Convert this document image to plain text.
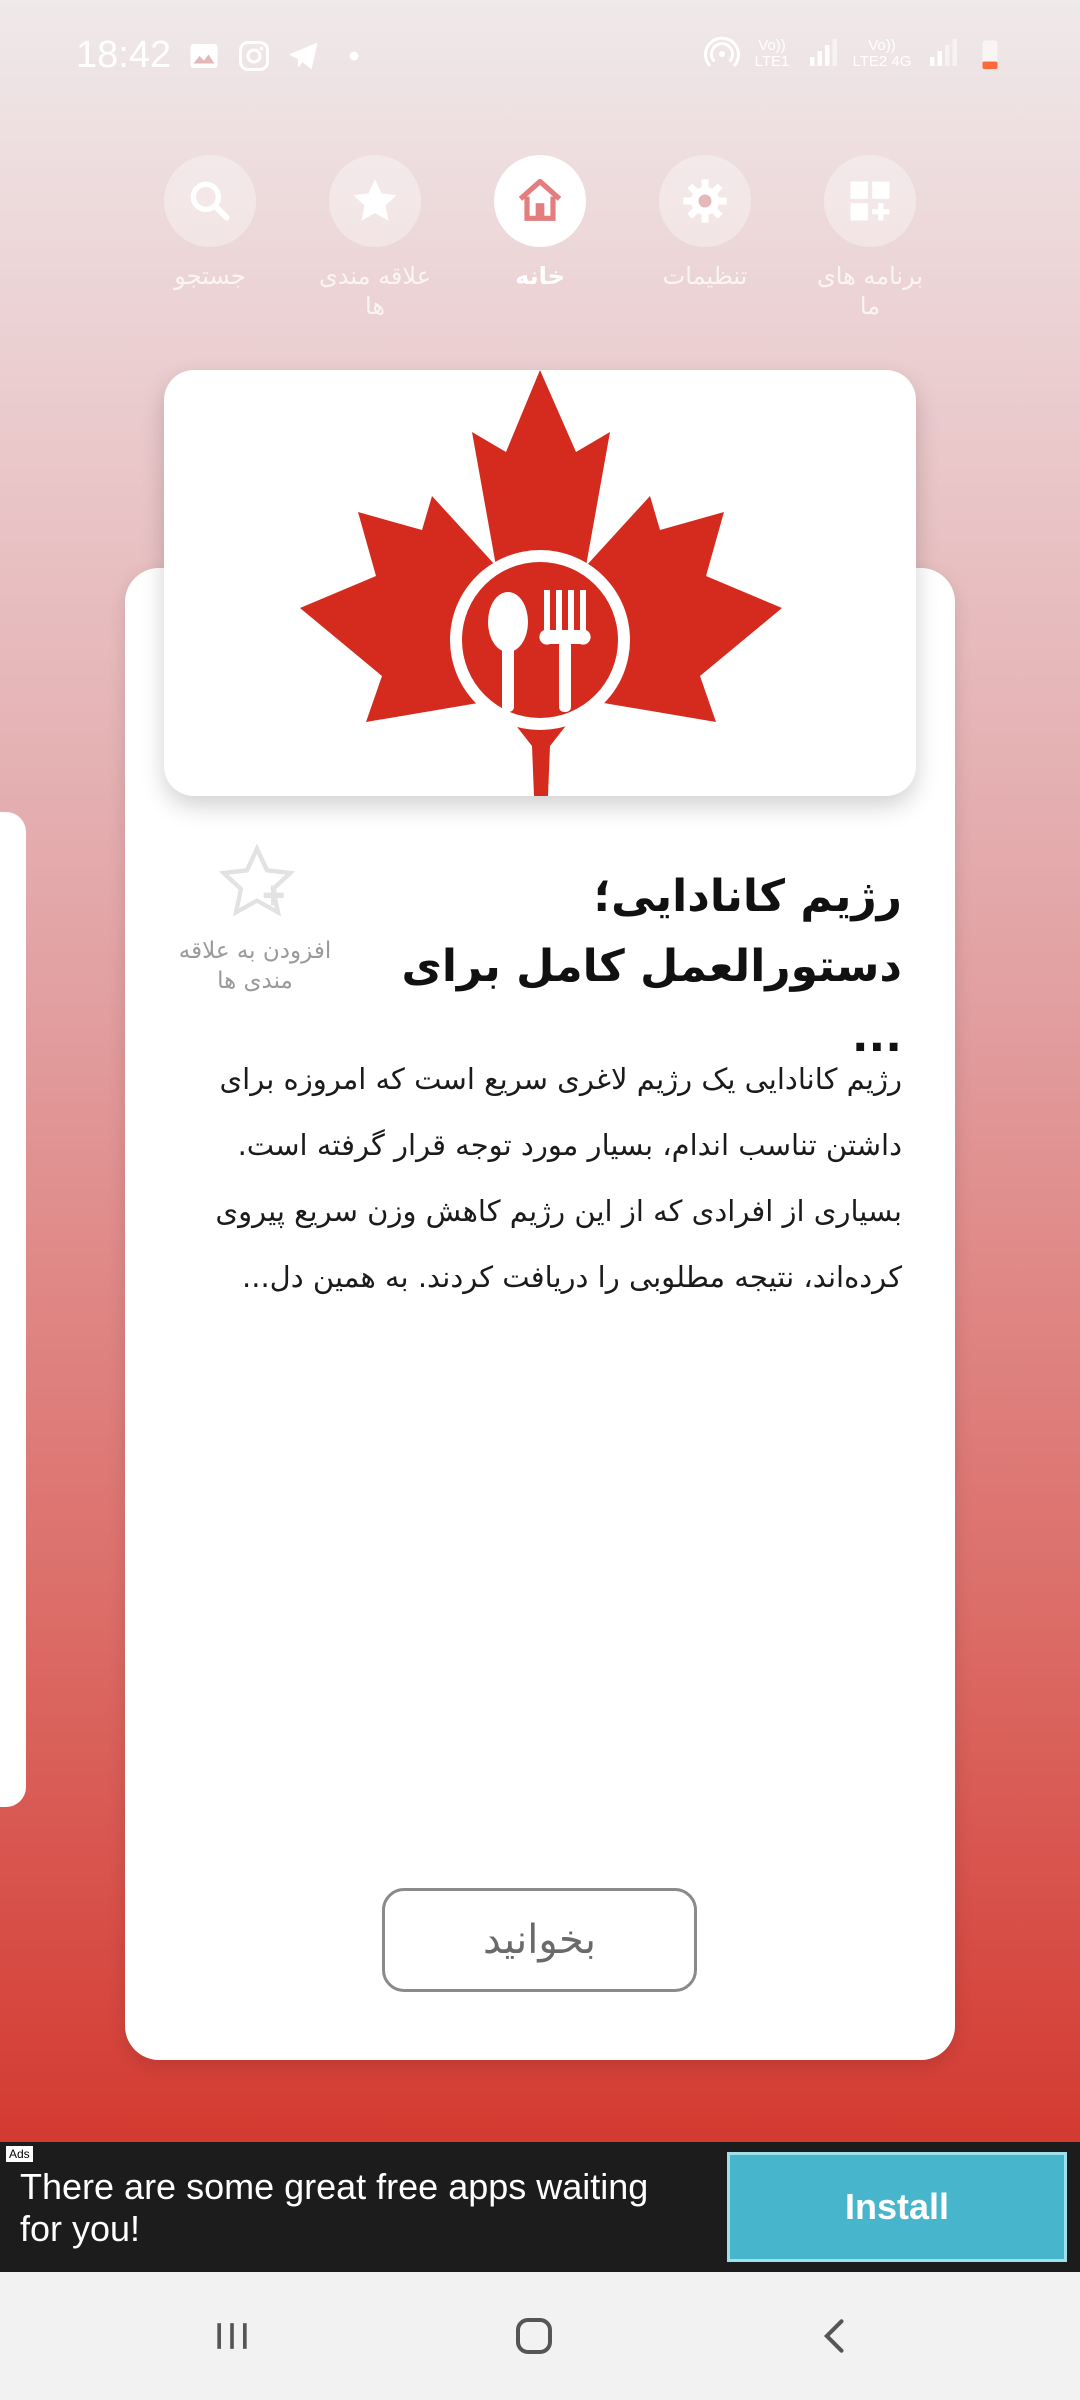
18:42	Vo)) LTE1
Vo)) LTE2 4G
جستجو	علاقه مندی ها
خانه	تنظیمات	برنامه های ما
افزودن به علاقه مندی ها
رژیم کانادایی؛
دستورالعمل کامل برای ...
رژیم کانادایی یک رژیم لاغری سریع است که امروزه برای داشتن تناسب اندام، بسیار مورد توجه قرار گرفته است. بسیاری از افرادی که از این رژیم کاهش وزن سریع پیروی کرده‌اند، نتیجه مطلوبی را دریافت کردند. به همین دل...
بخوانید
Ads
There are some great free apps waiting for you!
Install
